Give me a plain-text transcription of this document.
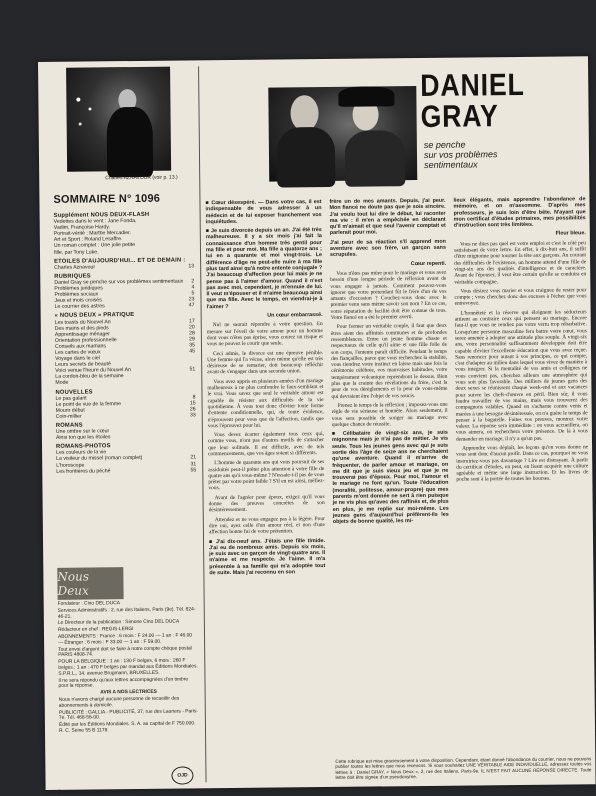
Charles AZNAVOUR (voir p. 13.)
SOMMAIRE N° 1096
Supplément NOUS DEUX-FLASH
Vedettes dans le vent : Jane Fonda,
Vadim, Françoise Hardy.
Portrait-vérité : Marthe Mercadier.
Art et Sport : Roland Lesaffre.
Un roman complet : Une jolie petite
fille, par Tony Luke.
ETOILES D'AUJOURD'HUI... ET DE DEMAIN :
Charles Aznavour	13
RUBRIQUES
Daniel Gray se penche sur vos problèmes sentimentaux	2
Problèmes juridiques	4
Problèmes sociaux	5
Jeux et mots croisés	23
Le courrier des astres	47
« NOUS DEUX » PRATIQUE
Les toasts du Nouvel An	17
Des mains et des pieds	20
Apprentissage ménager	28
Orientation professionnelle	29
Conseils aux mamans	35
Les cartes de vœux	45
Voyage dans le ciel
Leurs secrets de beauté
Voici venue l'heure du Nouvel An	51
La cordon-bleu de la semaine
Mode
NOUVELLES
Le pas galant	8
Le point de vue de la femme	15
Mourir début	26
Coin-millier	33
ROMANS
Une ombre sur le cœur
Ainsi ton que les étoiles
ROMANS-PHOTOS
Les couleurs de la vie
La visiteur du missel (roman complet)	21
L'horoscope	31
Les frontières du péché	55
Nous Deux
Fondateur : Cino DEL DUCA
Services Administratifs : 2, rue des Italiens, Paris (9e). Tél. 824-46-21.
Le Directeur de la publication : Simone Cino DEL DUCA
Rédacteur en chef : REGIS-LERGI
ABONNEMENTS : France : 6 mois : F 24.00 — 1 an : F 46.00 — Étranger : 6 mois : F 33.00 — 1 an : F 59.00.
Tout envoi d'argent doit se faire à notre compte chèque postal PARIS 4808-74.
POUR LA BELGIQUE : 1 an : 130 F belges, 6 mois : 260 F belges ; 1 an : 470 F belges par mandat aux Éditions Mondiales. S.P.R.L., 14, avenue Brugmann, BRUXELLES.
Il ne sera répondu qu'aux lettres accompagnées d'un timbre pour la réponse.
AVIS A NOS LECTRICES
Nous n'avons chargé aucune personne de recueillir des abonnements à domicile.
PUBLICITÉ : GALLIA - PUBLICITÉ, 37, rue des Lauriers - Paris-7e. Tél. 468-56-00.
Édité par les Éditions Mondiales. S. A. au capital de F 750.000. R. C. Seine 55 B 1178.
OJD
2
DANIEL
GRAY
se penche
sur vos problèmes
sentimentaux

■ Cœur désespéré. — Dans votre cas, il est indispensable de vous adresser à un médecin et de lui exposer franchement vos inquiétudes.

■ Je suis divorcée depuis un an. J'ai été très malheureuse. Il y a six mois j'ai fait la connaissance d'un homme très gentil pour ma fille et pour moi. Ma fille a quatorze ans ; lui en a quarante et moi vingt-trois. Le différence d'âge ne peut-elle nuire à ma fille plus tard ainsi qu'à notre entente conjugale ? J'ai beaucoup d'affection pour lui mais je ne pense pas à l'aimer d'amour. Quand il n'est pas avec moi, cependant, je m'ennuie de lui. Il veut m'épouser et il m'aime beaucoup ainsi que ma fille. Avec le temps, en viendrai-je à l'aimer ?

Un cœur embarrassé.

Nul ne saurait répondre à votre question. En mesure sur l'éveil de votre amour pour un homme dont vous n'êtes pas éprise, vous courez un risque et vous ne pouvez le courir que seule.

Ceci admis, le divorce est une épreuve pénible. Une femme qui l'a vécue, alors même qu'elle est très désireuse de se remarier, doit beaucoup réfléchir avant de s'engager dans une seconde union.

Vous avez appris en plusieurs années d'un mariage malheureux à ne plus confondre le faux-semblant et le vrai. Vous savez que seul le véritable amour est capable de résister aux difficultés de la vie quotidienne. À vous tout donc d'éviter toute forme d'entente conditionnelle, qui, de toute évidence, n'éprouvent pour vous que de l'affection, tandis que vous l'éprouvez pour lui.

Vous devez écarter également tous ceux qui, comme vous, n'ont pas d'autres motifs de s'attacher que leur solitude. Il est difficile, avec de tels commencements, que vos âges soient si différents.

L'homme de quarante ans qui vous poursuit de ses assiduités peut-il prêter plus attention à votre fille de quatre ans qu'à vous-même ? N'essaie-t-il pas de vous prêter par votre point faible ? S'il en est ainsi, méfiez-vous.

Avant de l'agréer pour époux, exigez qu'il vous donne des preuves concrètes de son désintéressement.

Attendez et ne vous engagez pas à la légère. Pour dire oui, ayez celle d'un amour réel, et non d'une affection bonne fui de votre prétention.

■ J'ai dix-neuf ans. J'étais une fille timide. J'ai eu de nombreux amis. Depuis six mois, je suis avec un garçon de vingt-quatre ans. Il m'aime et me respecte. Je l'aime. Il m'a présentée à sa famille qui m'a adoptée tout de suite. Mais j'ai reconnu en son

frère un de mes amants. Depuis, j'ai peur. Mon fiancé ne doute pas que je sois sincère. J'ai voulu tout lui dire le début, lui raconter ma vie : il m'en a empêchée en déclarant qu'il m'aimait et que seul l'avenir comptait et parlerait pour moi.

J'ai peur de sa réaction s'il apprend mon aventure avec son frère, un garçon sans scrupules.

Cœur repenti.

Vous n'êtes pas mûre pour le mariage et vous avez besoin d'une longue période de réflexion avant de vous engager à jamais. Comment pouvez-vous ignorer que votre prétendant fût le frère d'un de vos amants d'occasion ? Couchez-vous donc avec le premier venu sans même savoir son nom ? En ce cas, votre réputation de facilité doit être connue de tous. Votre fiancé en a été le premier averti.

Pour former un véritable couple, il faut que deux êtres aient des affinités communes et de profondes ressemblances. Entre un jeune homme chaste et respectueux de celle qu'il aime et une fille folle de son corps, l'entente paraît difficile. Pendant le temps des fiançailles, parce que vous recherchez la stabilité, vous tiendrez votre instinct en laisse mais une fois la cérémonie célébrée, vos mauvaises habitudes, votre tempérament volcanique reprendront le dessus. Bien plus que la crainte des révélations du frère, c'est la peur de vos dérèglements et la peur de vous-même qui devraient être l'objet de vos soucis.

Prenez le temps de la réflexion ; imposez-vous une règle de vie sérieuse et honnête. Alors seulement, il vous sera possible de songer au mariage avec quelque chance de réussite.

■ Célibataire de vingt-six ans, je suis mignonne mais je n'ai pas de métier. Je vis seule. Tous les jeunes gens avec qui je suis sortie dès l'âge de seize ans ne cherchaient qu'une aventure. Quand il m'arrive de fréquenter, de parler amour et mariage, on me dit que je suis vieux jeu et que je ne trouverai pas d'époux. Pour moi, l'amour et le mariage ne font qu'un. Toute l'éducation (moralité, politesse, amour-propre) que mes parents m'ont donnée ne sert à rien puisque je ne vis plus qu'avec des raffinés et, de plus en plus, je me replie sur moi-même. Les jeunes gens d'aujourd'hui préfèrent-ils les objets de bonne qualité, les mi-

lieux élégants, mais apprendre l'abondance de mémoire, et on m'assomme. D'après mes professeurs, je suis loin d'être bête. N'ayant que mon certificat d'études primaires, mes possibilités d'instruction sont très limitées.

Fleur bleue.

Vous ne dites pas quel est votre emploi et c'est le côté peu satisfaisant de votre lettre. En effet, à dix-huit ans, il suffit d'être mignonne pour tourner la tête aux garçons. Au courant des difficultés de l'existence, un homme attend d'une fille de vingt-six ans des qualités d'intelligence et de caractère. Avant de l'épouser, il veut être certain qu'elle se conduira en véritable compagne.

Vous désirez vous marier et vous craignez de rester pour compte ; vous cherchez donc des excuses à l'échec que vous entrevoyez.

L'honnêteté et la réserve qui éloignent les séducteurs attirent au contraire ceux qui pensent au mariage. Encore faut-il que vous ne rendiez pas votre vertu trop rébarbative. Lorsqu'une personne masculine fera battre votre cœur, vous serez amenée à adopter une attitude plus souple. À vingt-six ans, votre personnalité suffisamment développée doit être capable d'éviter l'excellente éducation que vous avez reçue. Sans renoncer pour autant à vos principes, ce qui compte, c'est d'adapter au milieu dans lequel vous vivez de manière à vous intégrer. Si la mentalité de vos amis et collègues ne vous convient pas, cherchez ailleurs une atmosphère qui vous soit plus favorable. Des milliers de jeunes gens des deux sexes se réunissent chaque week-end et aux vacances pour suivre les chefs-d'œuvre en péril. Bien sûr, il vous faudra travailler de vos mains, mais vous trouverez des compagnons valables. Quand on s'acharne contre vents et marées à une besogne désintéressée, on n'a guère le temps de penser à la bagatelle. Faites vos preuves, montrez votre valeur. La réponse sera immédiate : on vous accueillera, on vous aimera, on recherchera votre présence. De là à vous demander en mariage, il n'y a qu'un pas.

Apprendre vous déplaît, les leçons qu'on vous donne ne vous sont donc d'aucun profit. Dans ce cas, pourquoi ne vous instruiriez-vous pas davantage ? Lire est distrayant. À partir du certificat d'études, on peut, en lisant acquérir une culture agréable et même une large instruction. Et les livres de poche sont à la portée de toutes les bourses.

Cette rubrique est mise gracieusement à votre disposition. Cependant, étant donné l'abondance du courrier, nous ne pouvons publier toutes les lettres que nous recevons. Si vous souhaitez UNE VÉRITABLE AIDE INDIVIDUELLE, adressez toutes vos lettres à : Daniel GRAY, « Nous Deux », 2, rue des Italiens, Paris-9e. IL N'EST FAIT AUCUNE RÉPONSE DIRECTE. Toute lettre doit être signée d'un pseudonyme.
